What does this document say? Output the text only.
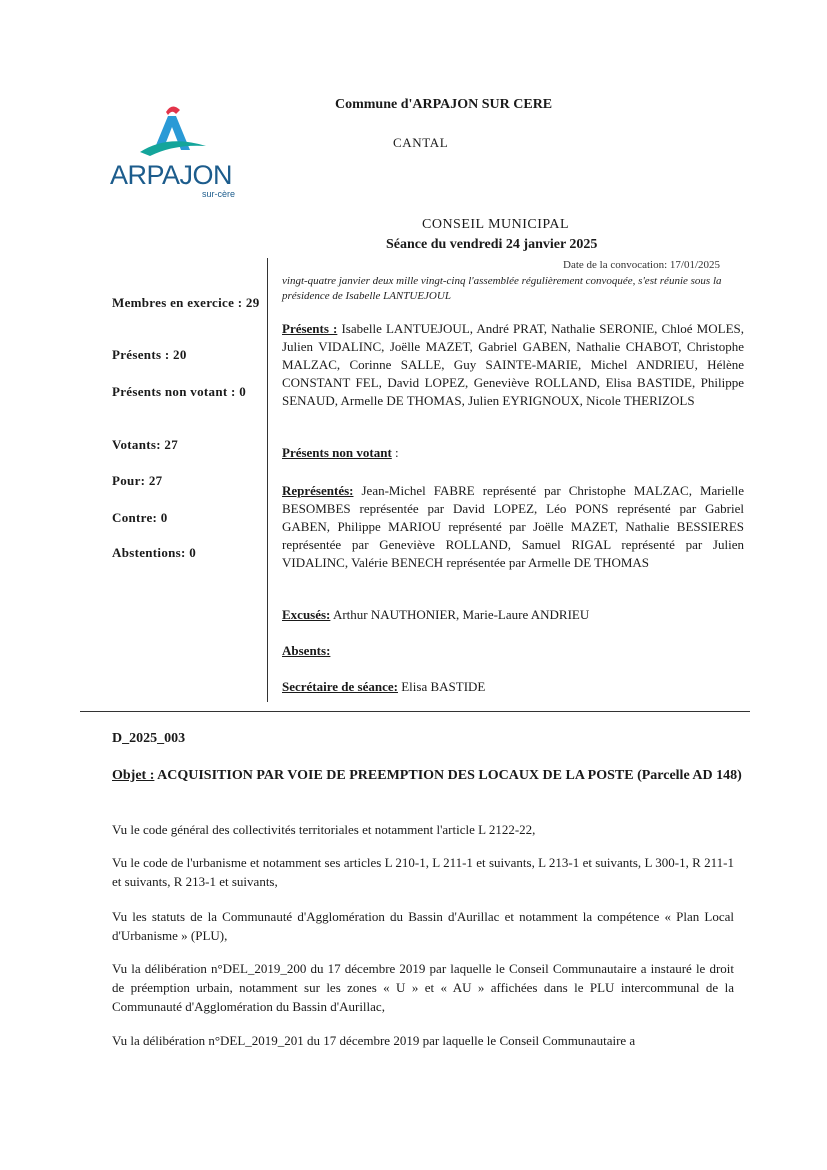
ARPAJON
sur-cère
Commune d'ARPAJON SUR CERE
CANTAL
CONSEIL MUNICIPAL
Séance du vendredi 24 janvier 2025
Date de la convocation: 17/01/2025
vingt-quatre janvier deux mille vingt-cinq l'assemblée régulièrement convoquée, s'est réunie sous la présidence de Isabelle LANTUEJOUL
Membres en exercice : 29
Présents : 20
Présents non votant : 0
Votants: 27
Pour: 27
Contre: 0
Abstentions: 0
Présents : Isabelle LANTUEJOUL, André PRAT, Nathalie SERONIE, Chloé MOLES, Julien VIDALINC, Joëlle MAZET, Gabriel GABEN, Nathalie CHABOT, Christophe MALZAC, Corinne SALLE, Guy SAINTE-MARIE, Michel ANDRIEU, Hélène CONSTANT FEL, David LOPEZ, Geneviève ROLLAND, Elisa BASTIDE, Philippe SENAUD, Armelle DE THOMAS, Julien EYRIGNOUX, Nicole THERIZOLS
Présents non votant :
Représentés: Jean-Michel FABRE représenté par Christophe MALZAC, Marielle BESOMBES représentée par David LOPEZ, Léo PONS représenté par Gabriel GABEN, Philippe MARIOU représenté par Joëlle MAZET, Nathalie BESSIERES représentée par Geneviève ROLLAND, Samuel RIGAL représenté par Julien VIDALINC, Valérie BENECH représentée par Armelle DE THOMAS
Excusés: Arthur NAUTHONIER, Marie-Laure ANDRIEU
Absents:
Secrétaire de séance: Elisa BASTIDE
D_2025_003
Objet : ACQUISITION PAR VOIE DE PREEMPTION DES LOCAUX DE LA POSTE (Parcelle AD 148)
Vu le code général des collectivités territoriales et notamment l'article L 2122-22,
Vu le code de l'urbanisme et notamment ses articles L 210-1, L 211-1 et suivants, L 213-1 et suivants, L 300-1, R 211-1 et suivants, R 213-1 et suivants,
Vu les statuts de la Communauté d'Agglomération du Bassin d'Aurillac et notamment la compétence « Plan Local d'Urbanisme » (PLU),
Vu la délibération n°DEL_2019_200 du 17 décembre 2019 par laquelle le Conseil Communautaire a instauré le droit de préemption urbain, notamment sur les zones « U » et « AU » affichées dans le PLU intercommunal de la Communauté d'Agglomération du Bassin d'Aurillac,
Vu la délibération n°DEL_2019_201 du 17 décembre 2019 par laquelle le Conseil Communautaire a
